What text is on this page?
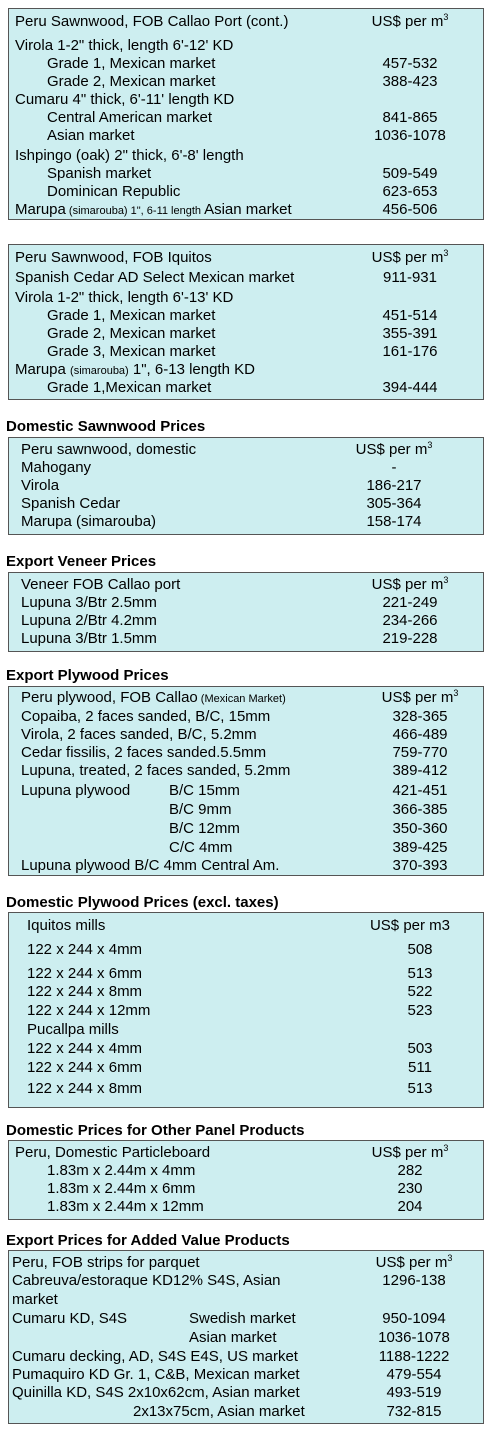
Peru Sawnwood, FOB Callao Port (cont.)	US$ per $m^3$
Virola 1-2" thick, length 6'-12' KD
Grade 1, Mexican market	457-532
Grade 2, Mexican market	388-423
Cumaru 4" thick, 6'-11' length KD
Central American market	841-865
Asian market	1036-1078
Ishpingo (oak) 2" thick, 6'-8' length
Spanish market	509-549
Dominican Republic	623-653
Marupa (simarouba) 1", 6-11 length Asian market	456-506
Peru Sawnwood, FOB Iquitos	US$ per $m^3$
Spanish Cedar AD Select Mexican market	911-931
Virola 1-2" thick, length 6'-13' KD
Grade 1, Mexican market	451-514
Grade 2, Mexican market	355-391
Grade 3, Mexican market	161-176
Marupa (simarouba) 1", 6-13 length KD
Grade 1,Mexican market	394-444
Domestic Sawnwood Prices
Peru sawnwood, domestic	US$ per $m^3$
Mahogany	-
Virola	186-217
Spanish Cedar	305-364
Marupa (simarouba)	158-174
Export Veneer Prices
Veneer FOB Callao port	US$ per $m^3$
Lupuna 3/Btr 2.5mm	221-249
Lupuna 2/Btr 4.2mm	234-266
Lupuna 3/Btr 1.5mm	219-228
Export Plywood Prices
Peru plywood, FOB Callao (Mexican Market)	US$ per $m^3$
Copaiba, 2 faces sanded, B/C, 15mm	328-365
Virola, 2 faces sanded, B/C, 5.2mm	466-489
Cedar fissilis, 2 faces sanded.5.5mm	759-770
Lupuna, treated, 2 faces sanded, 5.2mm	389-412
Lupuna plywood	B/C 15mm	421-451
B/C 9mm	366-385
B/C 12mm	350-360
C/C 4mm	389-425
Lupuna plywood B/C 4mm Central Am.	370-393
Domestic Plywood Prices (excl. taxes)
Iquitos mills	US$ per m3
122 x 244 x 4mm	508
122 x 244 x 6mm	513
122 x 244 x 8mm	522
122 x 244 x 12mm	523
Pucallpa mills
122 x 244 x 4mm	503
122 x 244 x 6mm	511
122 x 244 x 8mm	513
Domestic Prices for Other Panel Products
Peru, Domestic Particleboard	US$ per $m^3$
1.83m x 2.44m x 4mm	282
1.83m x 2.44m x 6mm	230
1.83m x 2.44m x 12mm	204
Export Prices for Added Value Products
Peru, FOB strips for parquet	US$ per $m^3$
Cabreuva/estoraque KD12% S4S, Asian	1296-138
market
Cumaru KD, S4S	Swedish market	950-1094
Asian market	1036-1078
Cumaru decking, AD, S4S E4S, US market	1188-1222
Pumaquiro KD Gr. 1, C&B, Mexican market	479-554
Quinilla KD, S4S 2x10x62cm, Asian market	493-519
2x13x75cm, Asian market	732-815
